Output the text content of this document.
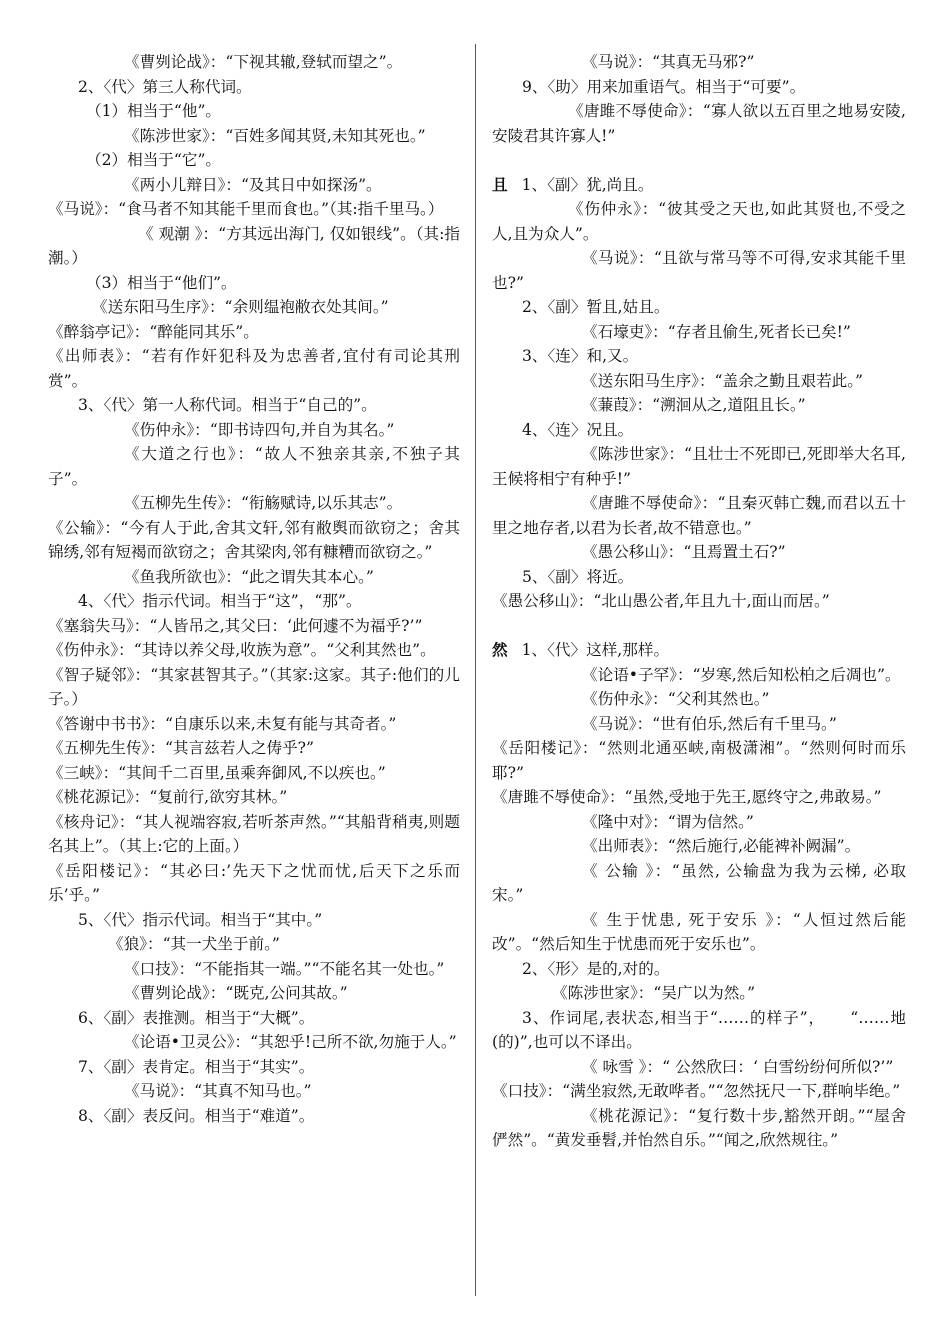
《曹刿论战》：“下视其辙,登轼而望之”。
2、〈代〉第三人称代词。
（1）相当于“他”。
《陈涉世家》：“百姓多闻其贤,未知其死也。”
（2）相当于“它”。
《两小儿辩日》：“及其日中如探汤”。
《马说》：“食马者不知其能千里而食也。”（其:指千里马。）
《 观潮 》：“方其远出海门, 仅如银线”。（其:指潮。）
（3）相当于“他们”。
《送东阳马生序》：“余则缊袍敝衣处其间。”
《醉翁亭记》：“醉能同其乐”。
《出师表》：“若有作奸犯科及为忠善者,宜付有司论其刑赏”。
3、〈代〉第一人称代词。相当于“自己的”。
《伤仲永》：“即书诗四句,并自为其名。”
《大道之行也》：“故人不独亲其亲,不独子其子”。
《五柳先生传》：“衔觞赋诗,以乐其志”。
《公输》：“今有人于此,舍其文轩,邻有敝舆而欲窃之；舍其锦绣,邻有短褐而欲窃之；舍其梁肉,邻有糠糟而欲窃之。”
《鱼我所欲也》：“此之谓失其本心。”
4、〈代〉指示代词。相当于“这”，“那”。
《塞翁失马》：“人皆吊之,其父曰：‘此何遽不为福乎?’”
《伤仲永》：“其诗以养父母,收族为意”。“父利其然也”。
《智子疑邻》：“其家甚智其子。”（其家:这家。其子:他们的儿子。）
《答谢中书书》：“自康乐以来,未复有能与其奇者。”
《五柳先生传》：“其言兹若人之俦乎?”
《三峡》：“其间千二百里,虽乘奔御风,不以疾也。”
《桃花源记》：“复前行,欲穷其林。”
《核舟记》：“其人视端容寂,若听茶声然。”“其船背稍夷,则题名其上”。（其上:它的上面。）
《岳阳楼记》：“其必曰:’先天下之忧而忧,后天下之乐而乐’乎。”
5、〈代〉指示代词。相当于“其中。”
《狼》：“其一犬坐于前。”
《口技》：“不能指其一端。”“不能名其一处也。”
《曹刿论战》：“既克,公问其故。”
6、〈副〉表推测。相当于“大概”。
《论语•卫灵公》：“其恕乎!己所不欲,勿施于人。”
7、〈副〉表肯定。相当于“其实”。
《马说》：“其真不知马也。”
8、〈副〉表反问。相当于“难道”。
《马说》：“其真无马邪?”
9、〈助〉用来加重语气。相当于“可要”。
《唐雎不辱使命》：“寡人欲以五百里之地易安陵,安陵君其许寡人!”
且 1、〈副〉犹,尚且。
《伤仲永》：“彼其受之天也,如此其贤也,不受之人,且为众人”。
《马说》：“且欲与常马等不可得,安求其能千里也?”
2、〈副〉暂且,姑且。
《石壕吏》：“存者且偷生,死者长已矣!”
3、〈连〉和,又。
《送东阳马生序》：“盖余之勤且艰若此。”
《蒹葭》：“溯洄从之,道阻且长。”
4、〈连〉况且。
《陈涉世家》：“且壮士不死即已,死即举大名耳,王候将相宁有种乎!”
《唐雎不辱使命》：“且秦灭韩亡魏,而君以五十里之地存者,以君为长者,故不错意也。”
《愚公移山》：“且焉置土石?”
5、〈副〉将近。
《愚公移山》：“北山愚公者,年且九十,面山而居。”
然 1、〈代〉这样,那样。
《论语•子罕》：“岁寒,然后知松柏之后凋也”。
《伤仲永》：“父利其然也。”
《马说》：“世有伯乐,然后有千里马。”
《岳阳楼记》：“然则北通巫峡,南极潇湘”。“然则何时而乐耶?”
《唐雎不辱使命》：“虽然,受地于先王,愿终守之,弗敢易。”
《隆中对》：“谓为信然。”
《出师表》：“然后施行,必能裨补阙漏”。
《 公输 》：“虽然, 公输盘为我为云梯, 必取宋。”
《 生于忧患, 死于安乐 》：“人恒过然后能改”。“然后知生于忧患而死于安乐也”。
2、〈形〉是的,对的。
《陈涉世家》：“吴广以为然。”
3、作词尾,表状态,相当于“……的样子”，　　“……地(的)”,也可以不译出。
《 咏雪 》：“ 公然欣曰：‘ 白雪纷纷何所似?’”
《口技》：“满坐寂然,无敢哗者。”“忽然抚尺一下,群响毕绝。”
《桃花源记》：“复行数十步,豁然开朗。”“屋舍俨然”。“黄发垂髫,并怡然自乐。”“闻之,欣然规往。”
